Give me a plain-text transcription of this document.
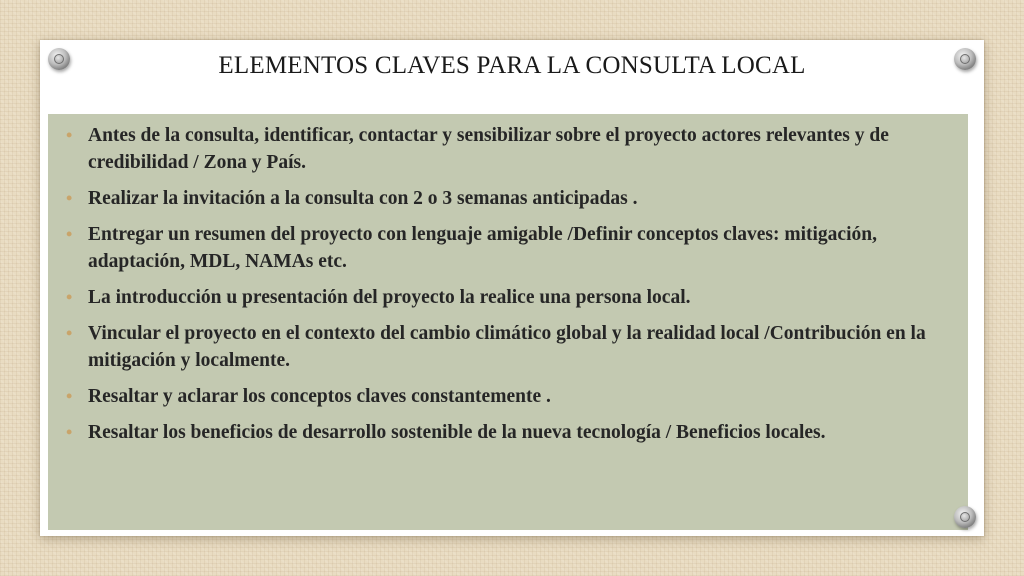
ELEMENTOS CLAVES PARA LA CONSULTA LOCAL
• Antes de la consulta, identificar, contactar y sensibilizar sobre el proyecto actores relevantes y de credibilidad / Zona y País.
• Realizar la invitación a la consulta con 2 o 3 semanas anticipadas .
• Entregar un resumen del proyecto con lenguaje amigable /Definir conceptos claves: mitigación, adaptación, MDL, NAMAs etc.
• La introducción u presentación del proyecto la realice una persona local.
• Vincular el proyecto en el contexto del cambio climático global y la realidad local /Contribución en la mitigación y localmente.
• Resaltar y aclarar los conceptos claves constantemente .
• Resaltar los beneficios de desarrollo sostenible de la nueva tecnología / Beneficios locales.
